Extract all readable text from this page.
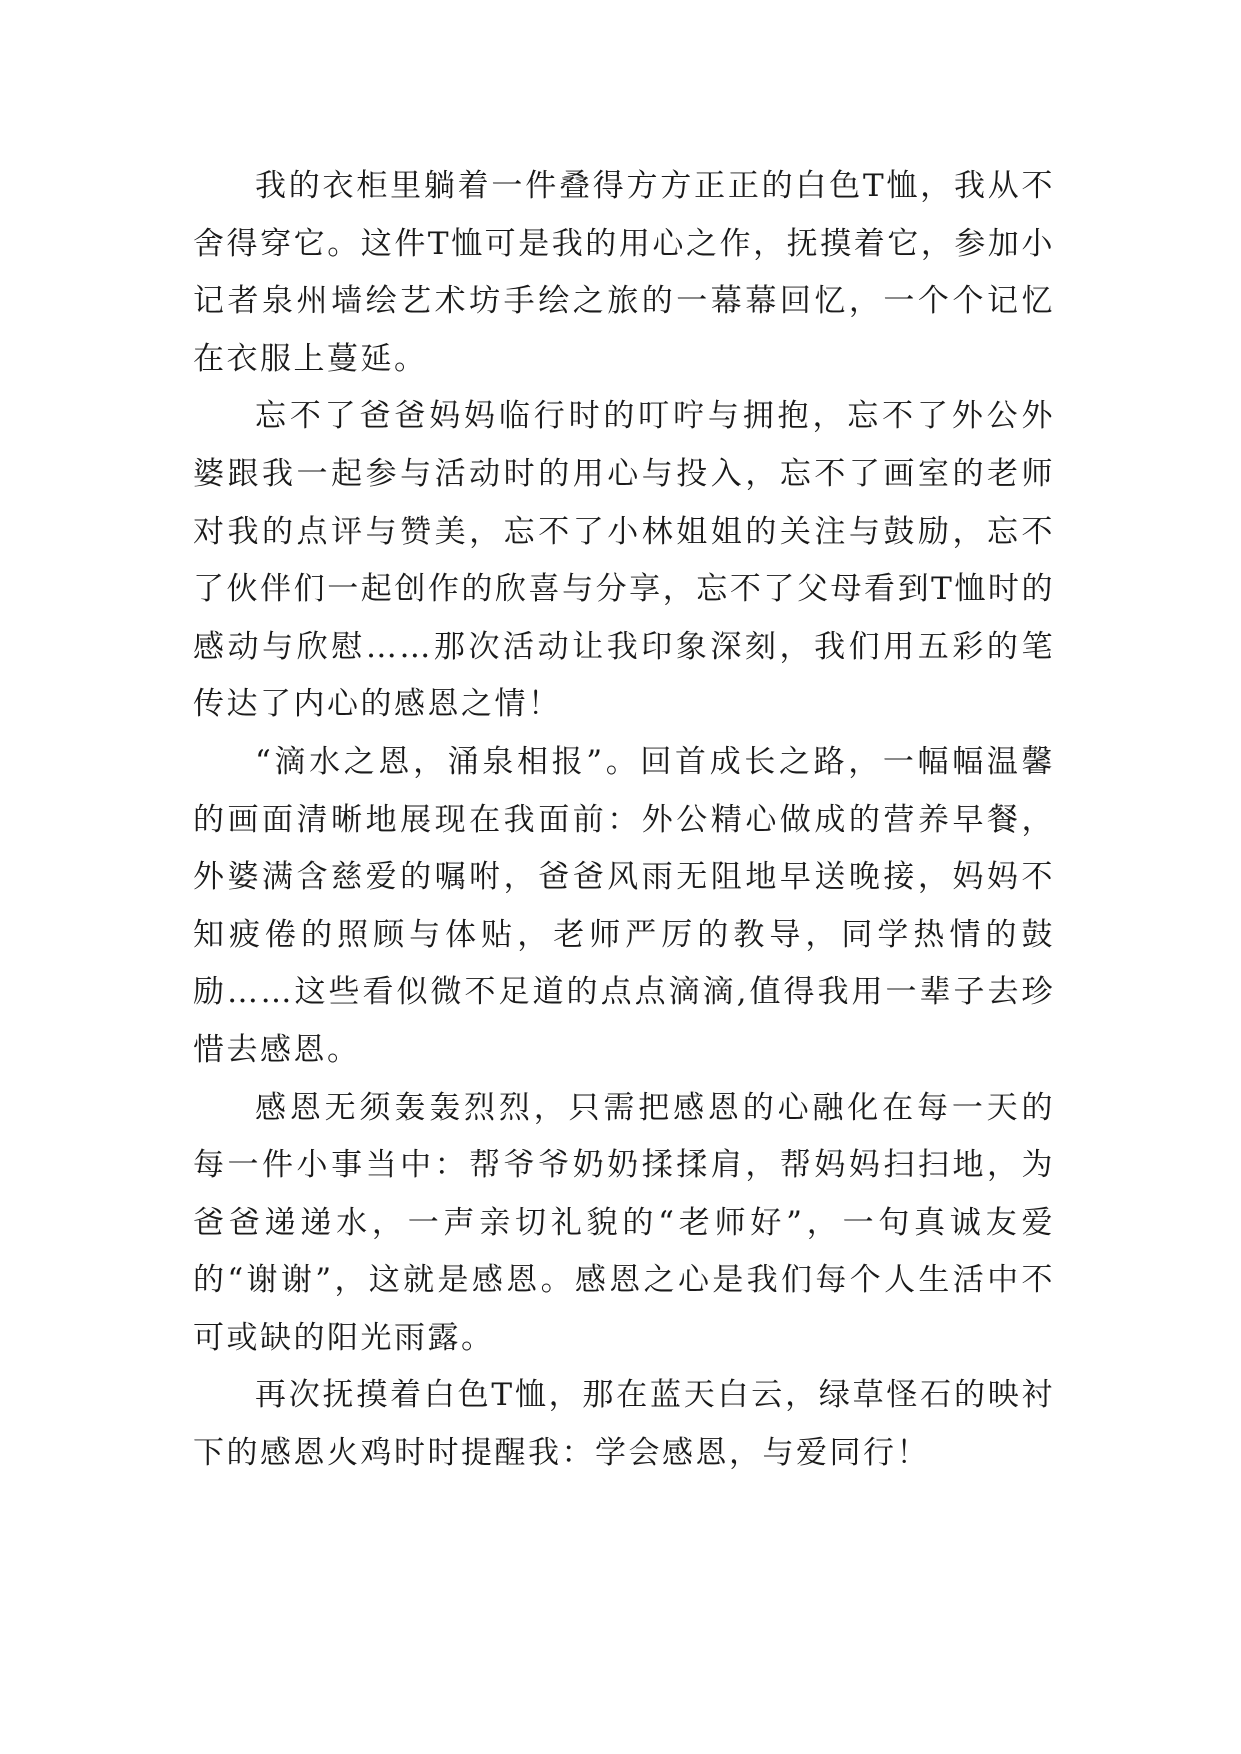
我的衣柜里躺着一件叠得方方正正的白色T恤，我从不舍得穿它。这件T恤可是我的用心之作，抚摸着它，参加小记者泉州墙绘艺术坊手绘之旅的一幕幕回忆，一个个记忆在衣服上蔓延。

忘不了爸爸妈妈临行时的叮咛与拥抱，忘不了外公外婆跟我一起参与活动时的用心与投入，忘不了画室的老师对我的点评与赞美，忘不了小林姐姐的关注与鼓励，忘不了伙伴们一起创作的欣喜与分享，忘不了父母看到T恤时的感动与欣慰……那次活动让我印象深刻，我们用五彩的笔传达了内心的感恩之情！

“滴水之恩，涌泉相报”。回首成长之路，一幅幅温馨的画面清晰地展现在我面前：外公精心做成的营养早餐，外婆满含慈爱的嘱咐，爸爸风雨无阻地早送晚接，妈妈不知疲倦的照顾与体贴，老师严厉的教导，同学热情的鼓励……这些看似微不足道的点点滴滴,值得我用一辈子去珍惜去感恩。

感恩无须轰轰烈烈，只需把感恩的心融化在每一天的每一件小事当中：帮爷爷奶奶揉揉肩，帮妈妈扫扫地，为爸爸递递水，一声亲切礼貌的“老师好”，一句真诚友爱的“谢谢”，这就是感恩。感恩之心是我们每个人生活中不可或缺的阳光雨露。

再次抚摸着白色T恤，那在蓝天白云，绿草怪石的映衬下的感恩火鸡时时提醒我：学会感恩，与爱同行！
